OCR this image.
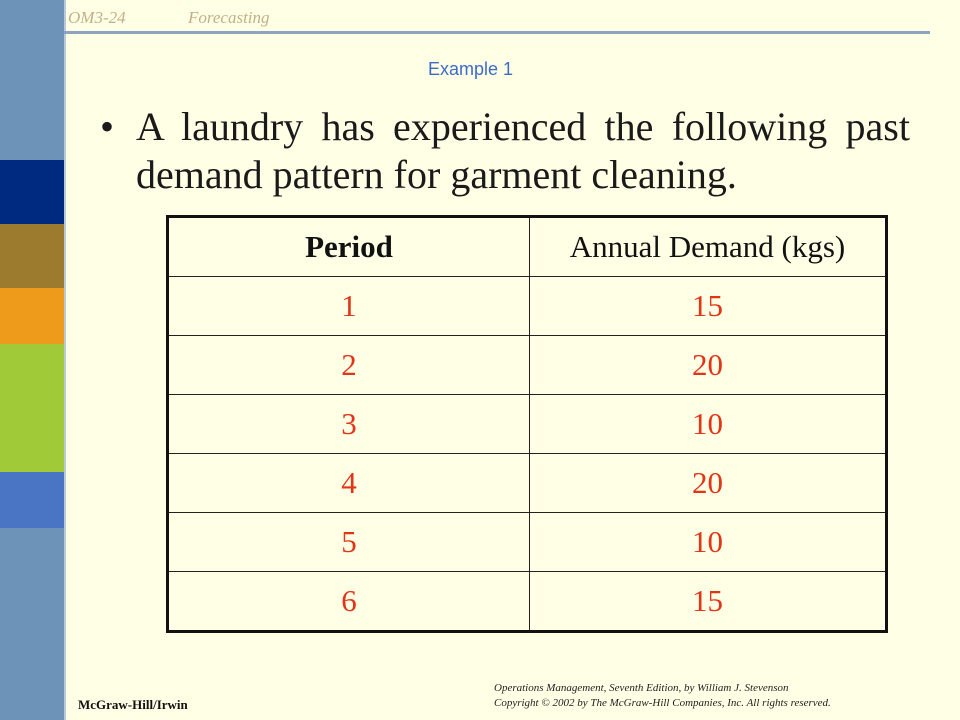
OM3-24	Forecasting
Example 1
• A laundry has experienced the following past demand pattern for garment cleaning.
Period	Annual Demand (kgs)
1	15
2	20
3	10
4	20
5	10
6	15
McGraw-Hill/Irwin
Operations Management, Seventh Edition, by William J. Stevenson
Copyright © 2002 by The McGraw-Hill Companies, Inc. All rights reserved.
